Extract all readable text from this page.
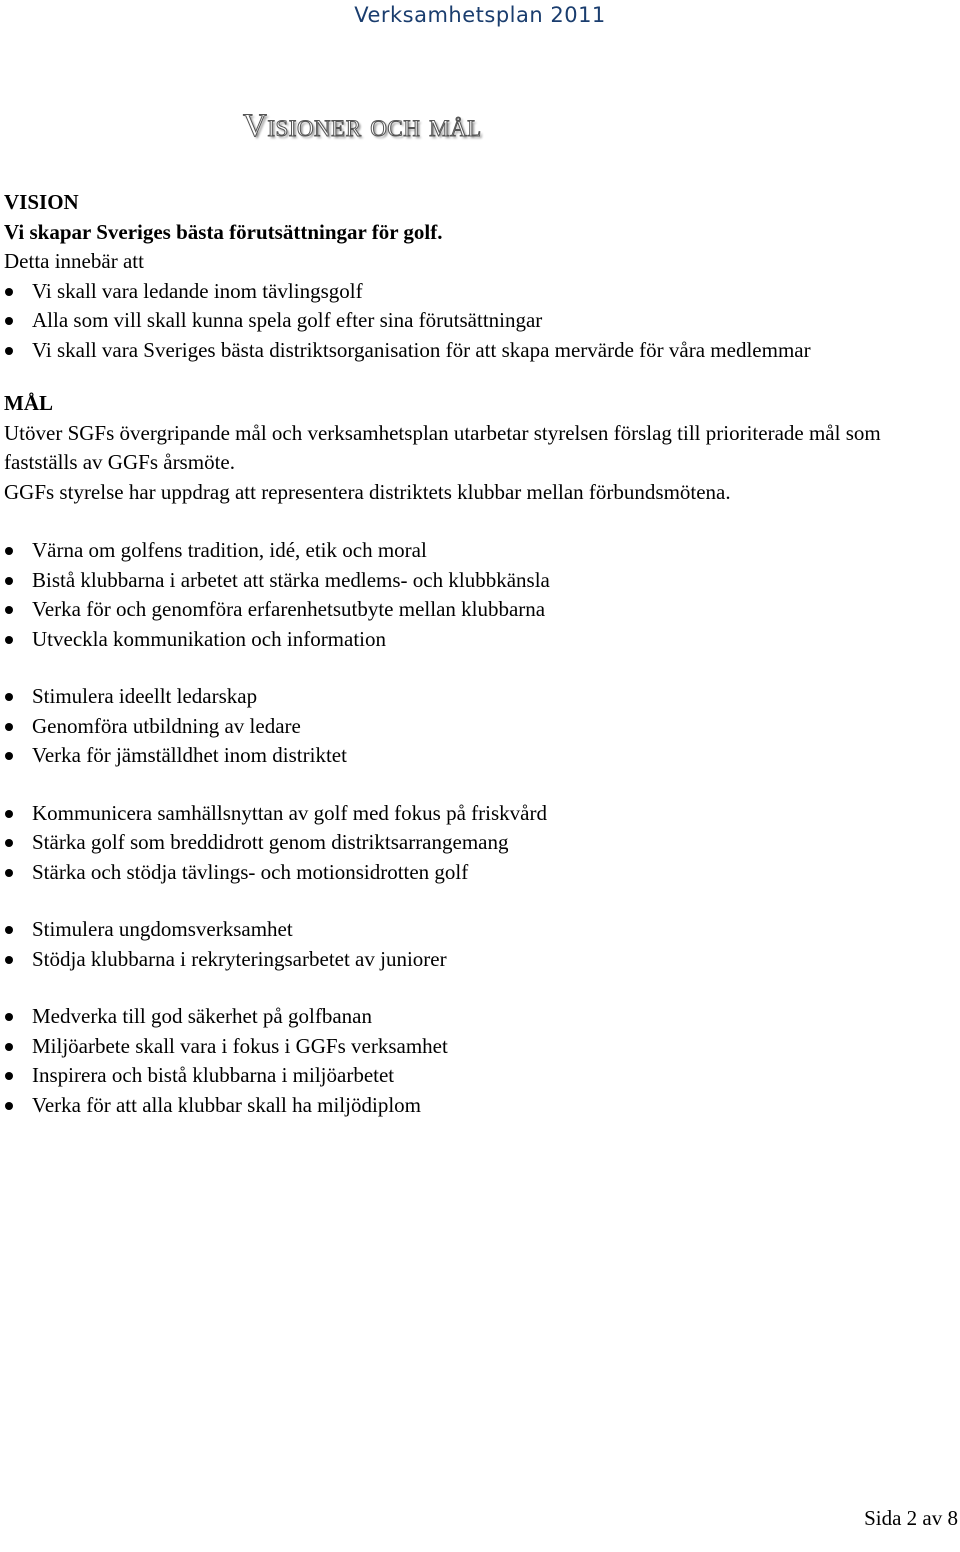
Verksamhetsplan 2011
Visioner och mål

VISION

Vi skapar Sveriges bästa förutsättningar för golf.

Detta innebär att

Vi skall vara ledande inom tävlingsgolf
Alla som vill skall kunna spela golf efter sina förutsättningar
Vi skall vara Sveriges bästa distriktsorganisation för att skapa mervärde för våra medlemmar

MÅL

Utöver SGFs övergripande mål och verksamhetsplan utarbetar styrelsen förslag till prioriterade mål som fastställs av GGFs årsmöte.

GGFs styrelse har uppdrag att representera distriktets klubbar mellan förbundsmötena.

Värna om golfens tradition, idé, etik och moral
Bistå klubbarna i arbetet att stärka medlems- och klubbkänsla
Verka för och genomföra erfarenhetsutbyte mellan klubbarna
Utveckla kommunikation och information
Stimulera ideellt ledarskap
Genomföra utbildning av ledare
Verka för jämställdhet inom distriktet
Kommunicera samhällsnyttan av golf med fokus på friskvård
Stärka golf som breddidrott genom distriktsarrangemang
Stärka och stödja tävlings- och motionsidrotten golf
Stimulera ungdomsverksamhet
Stödja klubbarna i rekryteringsarbetet av juniorer
Medverka till god säkerhet på golfbanan
Miljöarbete skall vara i fokus i GGFs verksamhet
Inspirera och bistå klubbarna i miljöarbetet
Verka för att alla klubbar skall ha miljödiplom
Sida 2 av 8
